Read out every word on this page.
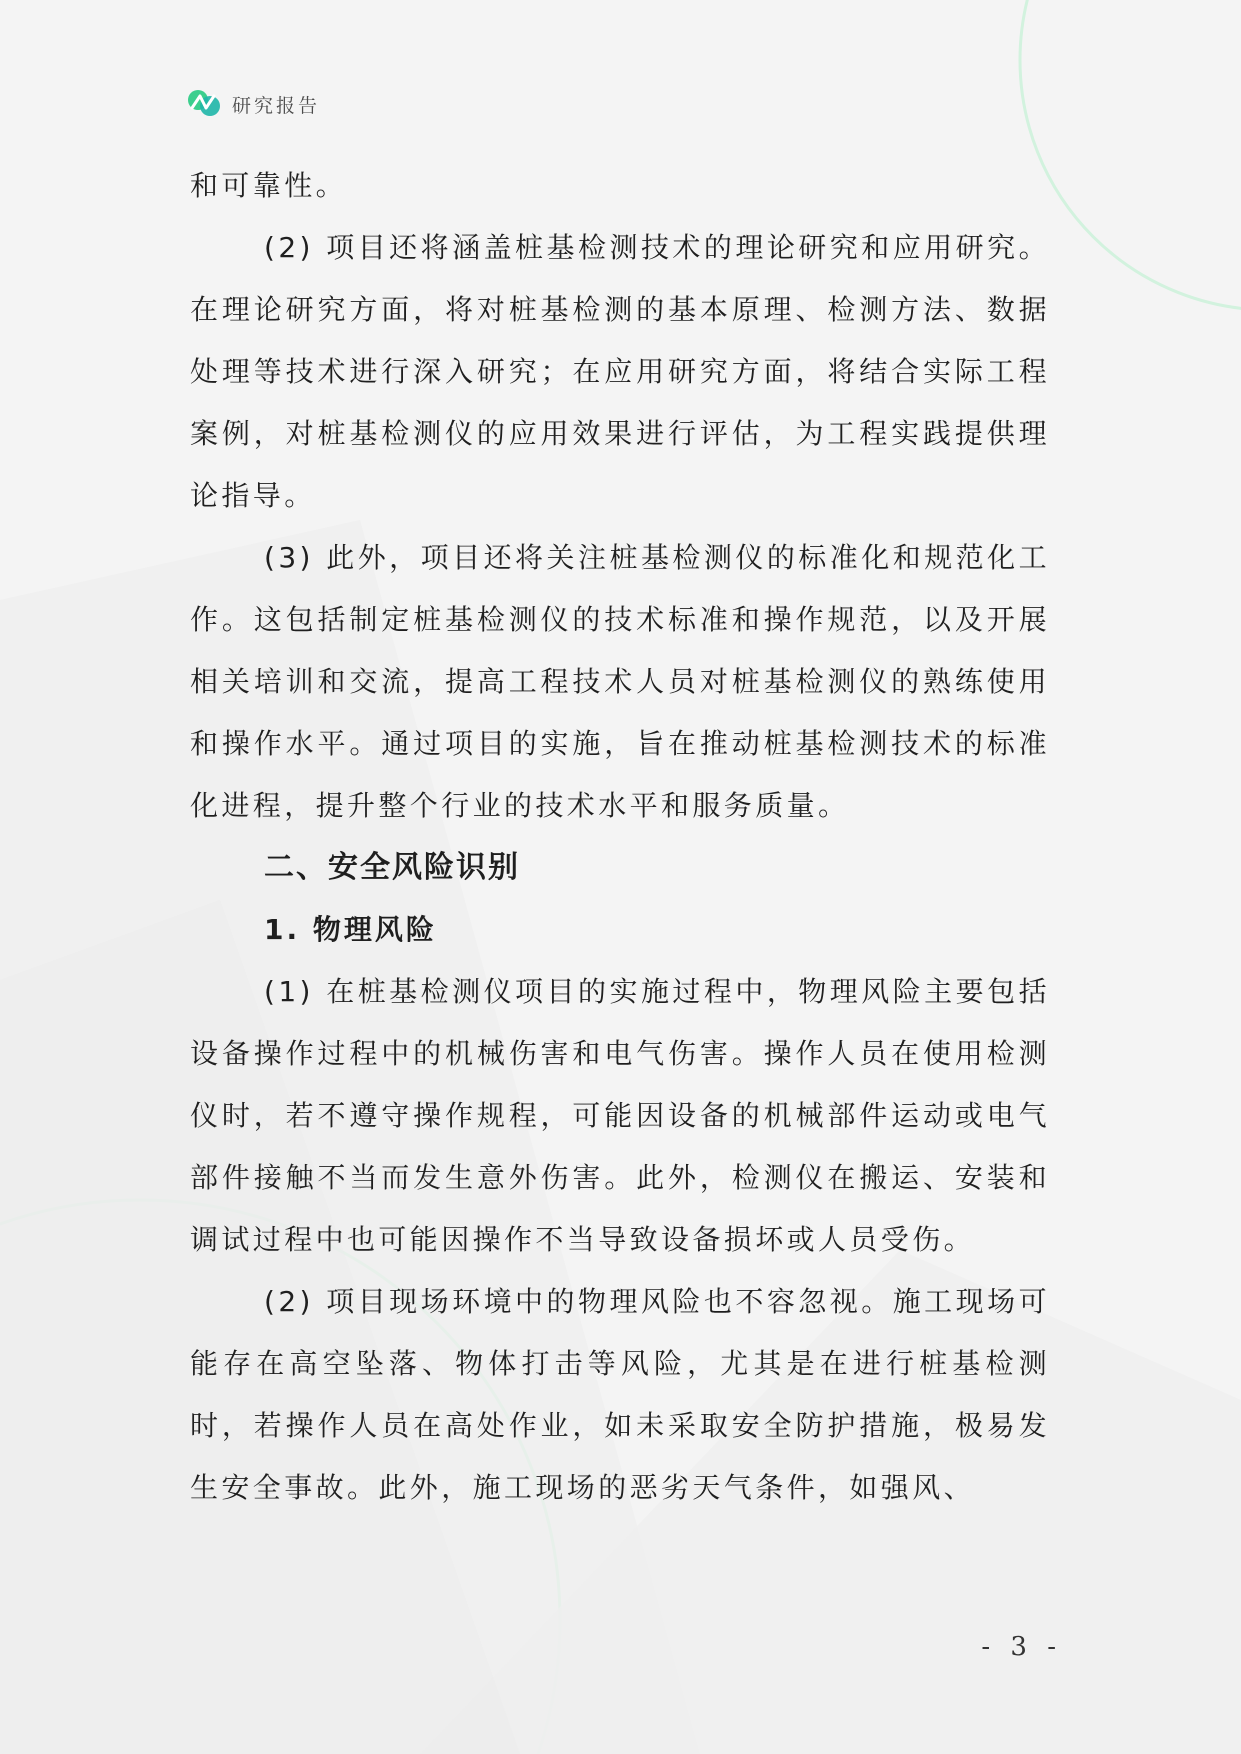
研究报告

和可靠性。

(2) 项目还将涵盖桩基检测技术的理论研究和应用研究。在理论研究方面，将对桩基检测的基本原理、检测方法、数据处理等技术进行深入研究；在应用研究方面，将结合实际工程案例，对桩基检测仪的应用效果进行评估，为工程实践提供理论指导。

(3) 此外，项目还将关注桩基检测仪的标准化和规范化工作。这包括制定桩基检测仪的技术标准和操作规范，以及开展相关培训和交流，提高工程技术人员对桩基检测仪的熟练使用和操作水平。通过项目的实施，旨在推动桩基检测技术的标准化进程，提升整个行业的技术水平和服务质量。

二、安全风险识别
1. 物理风险

(1) 在桩基检测仪项目的实施过程中，物理风险主要包括设备操作过程中的机械伤害和电气伤害。操作人员在使用检测仪时，若不遵守操作规程，可能因设备的机械部件运动或电气部件接触不当而发生意外伤害。此外，检测仪在搬运、安装和调试过程中也可能因操作不当导致设备损坏或人员受伤。

(2) 项目现场环境中的物理风险也不容忽视。施工现场可能存在高空坠落、物体打击等风险，尤其是在进行桩基检测时，若操作人员在高处作业，如未采取安全防护措施，极易发生安全事故。此外，施工现场的恶劣天气条件，如强风、

- 3 -
